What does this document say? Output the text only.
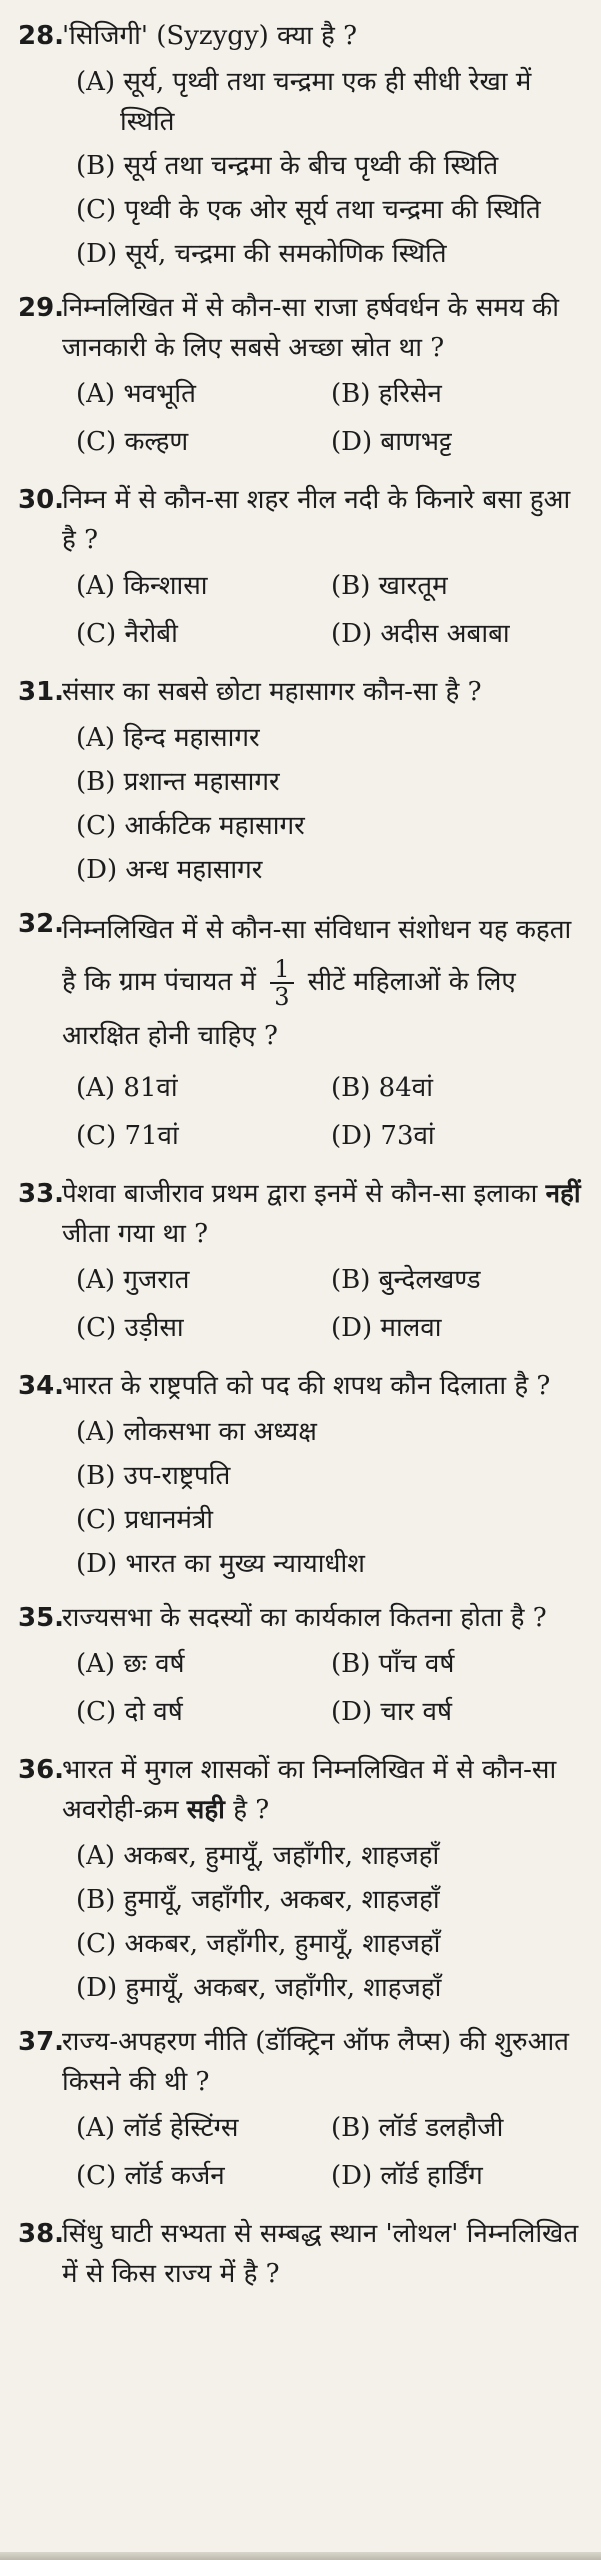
28.
'सिजिगी' (Syzygy) क्या है ?
(A) सूर्य, पृथ्वी तथा चन्द्रमा एक ही सीधी रेखा में स्थिति
(B) सूर्य तथा चन्द्रमा के बीच पृथ्वी की स्थिति
(C) पृथ्वी के एक ओर सूर्य तथा चन्द्रमा की स्थिति
(D) सूर्य, चन्द्रमा की समकोणिक स्थिति
29.
निम्नलिखित में से कौन-सा राजा हर्षवर्धन के समय की जानकारी के लिए सबसे अच्छा स्रोत था ?
(A) भवभूति	(B) हरिसेन
(C) कल्हण	(D) बाणभट्ट
30.
निम्न में से कौन-सा शहर नील नदी के किनारे बसा हुआ है ?
(A) किन्शासा	(B) खारतूम
(C) नैरोबी	(D) अदीस अबाबा
31.
संसार का सबसे छोटा महासागर कौन-सा है ?
(A) हिन्द महासागर
(B) प्रशान्त महासागर
(C) आर्कटिक महासागर
(D) अन्ध महासागर
32.
निम्नलिखित में से कौन-सा संविधान संशोधन यह कहता है कि ग्राम पंचायत में $\frac{1}{3}$ सीटें महिलाओं के लिए आरक्षित होनी चाहिए ?
(A) 81वां	(B) 84वां
(C) 71वां	(D) 73वां
33.
पेशवा बाजीराव प्रथम द्वारा इनमें से कौन-सा इलाका नहीं जीता गया था ?
(A) गुजरात	(B) बुन्देलखण्ड
(C) उड़ीसा	(D) मालवा
34.
भारत के राष्ट्रपति को पद की शपथ कौन दिलाता है ?
(A) लोकसभा का अध्यक्ष
(B) उप-राष्ट्रपति
(C) प्रधानमंत्री
(D) भारत का मुख्य न्यायाधीश
35.
राज्यसभा के सदस्यों का कार्यकाल कितना होता है ?
(A) छः वर्ष	(B) पाँच वर्ष
(C) दो वर्ष	(D) चार वर्ष
36.
भारत में मुगल शासकों का निम्नलिखित में से कौन-सा अवरोही-क्रम सही है ?
(A) अकबर, हुमायूँ, जहाँगीर, शाहजहाँ
(B) हुमायूँ, जहाँगीर, अकबर, शाहजहाँ
(C) अकबर, जहाँगीर, हुमायूँ, शाहजहाँ
(D) हुमायूँ, अकबर, जहाँगीर, शाहजहाँ
37.
राज्य-अपहरण नीति (डॉक्ट्रिन ऑफ लैप्स) की शुरुआत किसने की थी ?
(A) लॉर्ड हेस्टिंग्स	(B) लॉर्ड डलहौजी
(C) लॉर्ड कर्जन	(D) लॉर्ड हार्डिंग
38.
सिंधु घाटी सभ्यता से सम्बद्ध स्थान 'लोथल' निम्नलिखित में से किस राज्य में है ?
